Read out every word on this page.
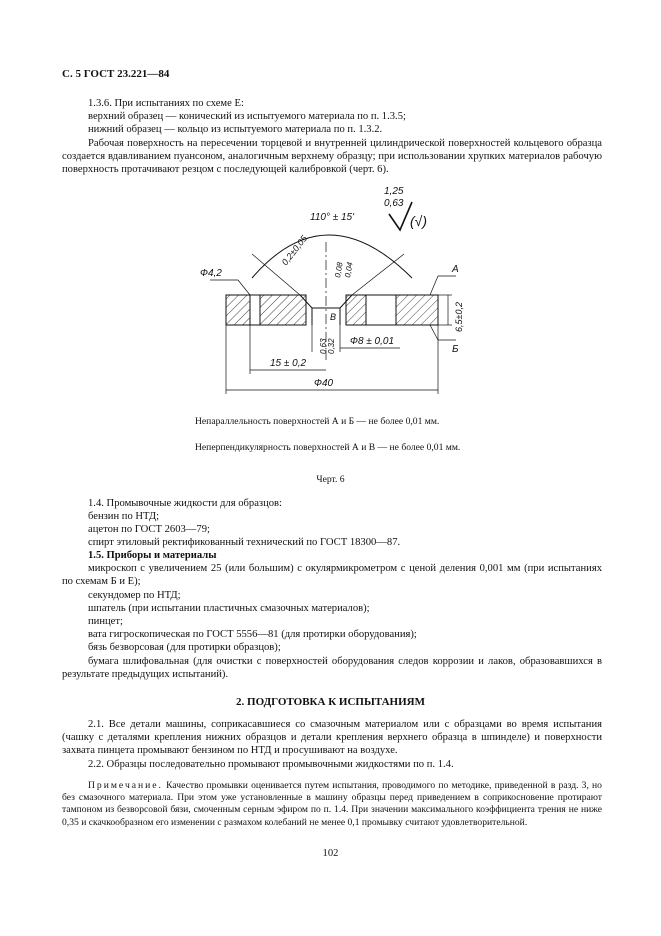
С. 5 ГОСТ 23.221—84

1.3.6. При испытаниях по схеме Е:

верхний образец — конический из испытуемого материала по п. 1.3.5;

нижний образец — кольцо из испытуемого материала по п. 1.3.2.

Рабочая поверхность на пересечении торцевой и внутренней цилиндрической поверхностей кольцевого образца создается вдавливанием пуансоном, аналогичным верхнему образцу; при использовании хрупких материалов рабочую поверхность протачивают резцом с последующей калибровкой (черт. 6).

1,25
0,63
(√)
110° ± 15'
0,2±0,05
0,08
0,04
Ф4,2	А
Б
В	6,5±0,2
0,63 0,32 Ф8 ± 0,01
15 ± 0,2
Ф40
Непараллельность поверхностей А и Б — не более 0,01 мм.
Неперпендикулярность поверхностей А и В — не более 0,01 мм.
Черт. 6

1.4. Промывочные жидкости для образцов:

бензин по НТД;

ацетон по ГОСТ 2603—79;

спирт этиловый ректификованный технический по ГОСТ 18300—87.

1.5. Приборы и материалы

микроскоп с увеличением 25 (или большим) с окулярмикрометром с ценой деления 0,001 мм (при испытаниях по схемам Б и Е);

секундомер по НТД;

шпатель (при испытании пластичных смазочных материалов);

пинцет;

вата гигроскопическая по ГОСТ 5556—81 (для протирки оборудования);

бязь безворсовая (для протирки образцов);

бумага шлифовальная (для очистки с поверхностей оборудования следов коррозии и лаков, образовавшихся в результате предыдущих испытаний).

2. ПОДГОТОВКА К ИСПЫТАНИЯМ

2.1. Все детали машины, соприкасавшиеся со смазочным материалом или с образцами во время испытания (чашку с деталями крепления нижних образцов и детали крепления верхнего образца в шпинделе) и поверхности захвата пинцета промывают бензином по НТД и просушивают на воздухе.

2.2. Образцы последовательно промывают промывочными жидкостями по п. 1.4.

Примечание. Качество промывки оценивается путем испытания, проводимого по методике, приведенной в разд. 3, но без смазочного материала. При этом уже установленные в машину образцы перед приведением в соприкосновение протирают тампоном из безворсовой бязи, смоченным серным эфиром по п. 1.4. При значении максимального коэффициента трения не ниже 0,35 и скачкообразном его изменении с размахом колебаний не менее 0,1 промывку считают удовлетворительной.

102
